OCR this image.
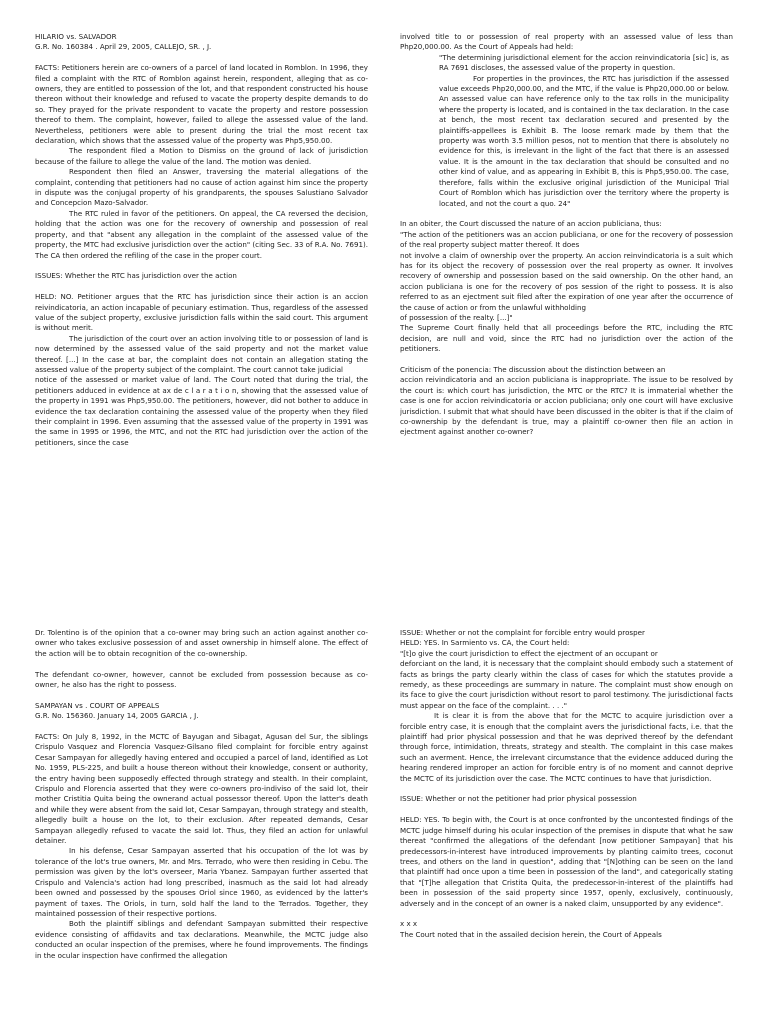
HILARIO vs. SALVADOR

G.R. No. 160384 . April 29, 2005, CALLEJO, SR. , J.

FACTS: Petitioners herein are co-owners of a parcel of land located in Romblon. In 1996, they filed a complaint with the RTC of Romblon against herein, respondent, alleging that as co-owners, they are entitled to possession of the lot, and that respondent constructed his house thereon without their knowledge and refused to vacate the property despite demands to do so. They prayed for the private respondent to vacate the property and restore possession thereof to them. The complaint, however, failed to allege the assessed value of the land. Nevertheless, petitioners were able to present during the trial the most recent tax declaration, which shows that the assessed value of the property was Php5,950.00.

The respondent filed a Motion to Dismiss on the ground of lack of jurisdiction because of the failure to allege the value of the land. The motion was denied.

Respondent then filed an Answer, traversing the material allegations of the complaint, contending that petitioners had no cause of action against him since the property in dispute was the conjugal property of his grandparents, the spouses Salustiano Salvador and Concepcion Mazo-Salvador.

The RTC ruled in favor of the petitioners. On appeal, the CA reversed the decision, holding that the action was one for the recovery of ownership and possession of real property, and that "absent any allegation in the complaint of the assessed value of the property, the MTC had exclusive jurisdiction over the action" (citing Sec. 33 of R.A. No. 7691). The CA then ordered the refiling of the case in the proper court.

ISSUES: Whether the RTC has jurisdiction over the action

HELD: NO. Petitioner argues that the RTC has jurisdiction since their action is an accion reivindicatoria, an action incapable of pecuniary estimation. Thus, regardless of the assessed value of the subject property, exclusive jurisdiction falls within the said court. This argument is without merit.

The jurisdiction of the court over an action involving title to or possession of land is now determined by the assessed value of the said property and not the market value thereof. [...] In the case at bar, the complaint does not contain an allegation stating the assessed value of the property subject of the complaint. The court cannot take judicial

notice of the assessed or market value of land. The Court noted that during the trial, the petitioners adduced in evidence at ax de c l a r a t i o n, showing that the assessed value of the property in 1991 was Php5,950.00. The petitioners, however, did not bother to adduce in evidence the tax declaration containing the assessed value of the property when they filed their complaint in 1996. Even assuming that the assessed value of the property in 1991 was the same in 1995 or 1996, the MTC, and not the RTC had jurisdiction over the action of the petitioners, since the case

involved title to or possession of real property with an assessed value of less than Php20,000.00. As the Court of Appeals had held:

"The determining jurisdictional element for the accion reinvindicatoria [sic] is, as RA 7691 discloses, the assessed value of the property in question.

For properties in the provinces, the RTC has jurisdiction if the assessed value exceeds Php20,000.00, and the MTC, if the value is Php20,000.00 or below. An assessed value can have reference only to the tax rolls in the municipality where the property is located, and is contained in the tax declaration. In the case at bench, the most recent tax declaration secured and presented by the plaintiffs-appellees is Exhibit B. The loose remark made by them that the property was worth 3.5 million pesos, not to mention that there is absolutely no evidence for this, is irrelevant in the light of the fact that there is an assessed value. It is the amount in the tax declaration that should be consulted and no other kind of value, and as appearing in Exhibit B, this is Php5,950.00. The case, therefore, falls within the exclusive original jurisdiction of the Municipal Trial Court of Romblon which has jurisdiction over the territory where the property is located, and not the court a quo. 24"

In an obiter, the Court discussed the nature of an accion publiciana, thus:

"The action of the petitioners was an accion publiciana, or one for the recovery of possession of the real property subject matter thereof. It does

not involve a claim of ownership over the property. An accion reinvindicatoria is a suit which has for its object the recovery of possession over the real property as owner. It involves recovery of ownership and possession based on the said ownership. On the other hand, an accion publiciana is one for the recovery of pos session of the right to possess. It is also referred to as an ejectment suit filed after the expiration of one year after the occurrence of the cause of action or from the unlawful withholding

of possession of the realty. [...]"

The Supreme Court finally held that all proceedings before the RTC, including the RTC decision, are null and void, since the RTC had no jurisdiction over the action of the petitioners.

Criticism of the ponencia: The discussion about the distinction between an

accion reivindicatoria and an accion publiciana is inappropriate. The issue to be resolved by the court is: which court has jurisdiction, the MTC or the RTC? It is immaterial whether the case is one for accion reivindicatoria or accion publiciana; only one court will have exclusive jurisdiction. I submit that what should have been discussed in the obiter is that if the claim of co-ownership by the defendant is true, may a plaintiff co-owner then file an action in ejectment against another co-owner?

Dr. Tolentino is of the opinion that a co-owner may bring such an action against another co-owner who takes exclusive possession of and asset ownership in himself alone. The effect of the action will be to obtain recognition of the co-ownership.

The defendant co-owner, however, cannot be excluded from possession because as co-owner, he also has the right to possess.

SAMPAYAN vs . COURT OF APPEALS

G.R. No. 156360. January 14, 2005 GARCIA , J.

FACTS: On July 8, 1992, in the MCTC of Bayugan and Sibagat, Agusan del Sur, the siblings Crispulo Vasquez and Florencia Vasquez-Gilsano filed complaint for forcible entry against Cesar Sampayan for allegedly having entered and occupied a parcel of land, identified as Lot No. 1959, PLS-225, and built a house thereon without their knowledge, consent or authority, the entry having been supposedly effected through strategy and stealth. In their complaint, Crispulo and Florencia asserted that they were co-owners pro-indiviso of the said lot, their mother Cristitia Quita being the ownerand actual possessor thereof. Upon the latter's death and while they were absent from the said lot, Cesar Sampayan, through strategy and stealth, allegedly built a house on the lot, to their exclusion. After repeated demands, Cesar Sampayan allegedly refused to vacate the said lot. Thus, they filed an action for unlawful detainer.

In his defense, Cesar Sampayan asserted that his occupation of the lot was by tolerance of the lot's true owners, Mr. and Mrs. Terrado, who were then residing in Cebu. The permission was given by the lot's overseer, Maria Ybanez. Sampayan further asserted that Crispulo and Valencia's action had long prescribed, inasmuch as the said lot had already been owned and possessed by the spouses Oriol since 1960, as evidenced by the latter's payment of taxes. The Oriols, in turn, sold half the land to the Terrados. Together, they maintained possession of their respective portions.

Both the plaintiff siblings and defendant Sampayan submitted their respective evidence consisting of affidavits and tax declarations. Meanwhile, the MCTC judge also conducted an ocular inspection of the premises, where he found improvements. The findings in the ocular inspection have confirmed the allegation

ISSUE: Whether or not the complaint for forcible entry would prosper

HELD: YES. In Sarmiento vs. CA, the Court held:

"[t]o give the court jurisdiction to effect the ejectment of an occupant or

deforciant on the land, it is necessary that the complaint should embody such a statement of facts as brings the party clearly within the class of cases for which the statutes provide a remedy, as these proceedings are summary in nature. The complaint must show enough on its face to give the court jurisdiction without resort to parol testimony. The jurisdictional facts must appear on the face of the complaint. . . ."

It is clear it is from the above that for the MCTC to acquire jurisdiction over a forcible entry case, it is enough that the complaint avers the jurisdictional facts, i.e. that the plaintiff had prior physical possession and that he was deprived thereof by the defendant through force, intimidation, threats, strategy and stealth. The complaint in this case makes such an averment. Hence, the irrelevant circumstance that the evidence adduced during the hearing rendered improper an action for forcible entry is of no moment and cannot deprive the MCTC of its jurisdiction over the case. The MCTC continues to have that jurisdiction.

ISSUE: Whether or not the petitioner had prior physical possession

HELD: YES. To begin with, the Court is at once confronted by the uncontested findings of the MCTC judge himself during his ocular inspection of the premises in dispute that what he saw thereat "confirmed the allegations of the defendant [now petitioner Sampayan] that his predecessors-in-interest have introduced improvements by planting caimito trees, coconut trees, and others on the land in question", adding that "[N]othing can be seen on the land that plaintiff had once upon a time been in possession of the land", and categorically stating that "[T]he allegation that Cristita Quita, the predecessor-in-interest of the plaintiffs had been in possession of the said property since 1957, openly, exclusively, continuously, adversely and in the concept of an owner is a naked claim, unsupported by any evidence".

x x x

The Court noted that in the assailed decision herein, the Court of Appeals
